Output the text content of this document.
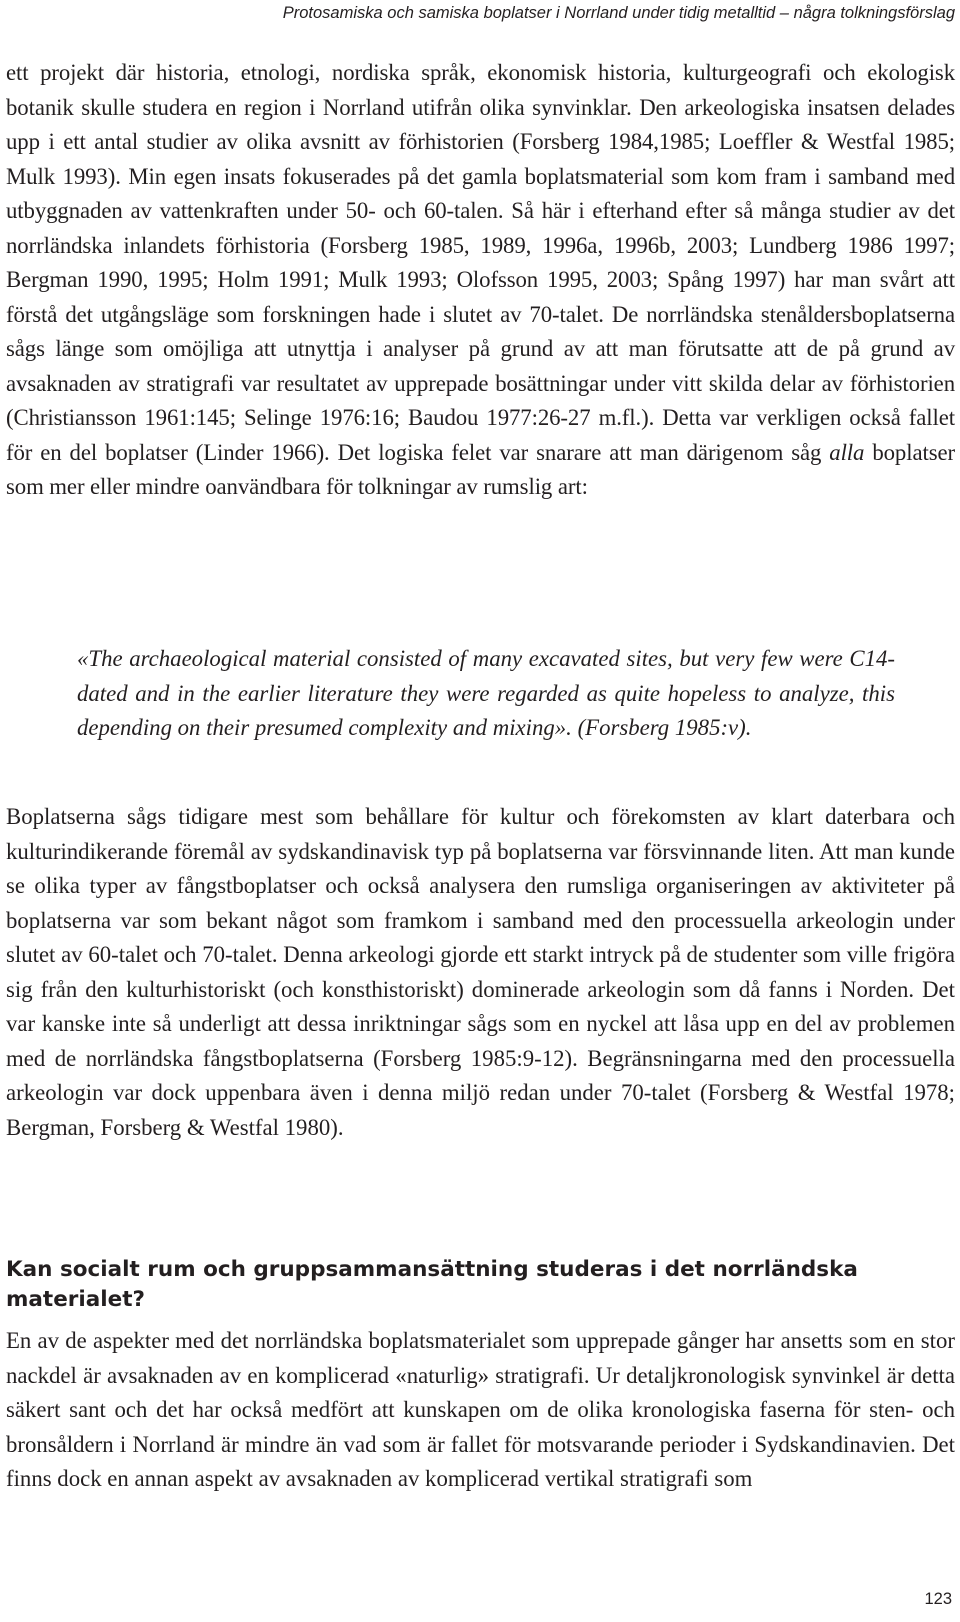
Protosamiska och samiska boplatser i Norrland under tidig metalltid – några tolkningsförslag

ett projekt där historia, etnologi, nordiska språk, ekonomisk historia, kulturgeografi och ekologisk botanik skulle studera en region i Norrland utifrån olika synvinklar. Den arkeologiska insatsen delades upp i ett antal studier av olika avsnitt av förhistorien (Forsberg 1984,1985; Loeffler & Westfal 1985; Mulk 1993). Min egen insats fokuserades på det gamla boplatsmaterial som kom fram i samband med utbyggnaden av vattenkraften under 50- och 60-talen. Så här i efterhand efter så många studier av det norrländska inlandets förhistoria (Forsberg 1985, 1989, 1996a, 1996b, 2003; Lundberg 1986 1997; Bergman 1990, 1995; Holm 1991; Mulk 1993; Olofsson 1995, 2003; Spång 1997) har man svårt att förstå det utgångsläge som forskningen hade i slutet av 70-talet. De norrländska stenåldersboplatserna sågs länge som omöjliga att utnyttja i analyser på grund av att man förutsatte att de på grund av avsaknaden av stratigrafi var resultatet av upprepade bosättningar under vitt skilda delar av förhistorien (Christiansson 1961:145; Selinge 1976:16; Baudou 1977:26-27 m.fl.). Detta var verkligen också fallet för en del boplatser (Linder 1966). Det logiska felet var snarare att man därigenom såg alla boplatser som mer eller mindre oanvändbara för tolkningar av rumslig art:

«The archaeological material consisted of many excavated sites, but very few were C14-dated and in the earlier literature they were regarded as quite hopeless to analyze, this depending on their presumed complexity and mixing». (Forsberg 1985:v).

Boplatserna sågs tidigare mest som behållare för kultur och förekomsten av klart daterbara och kulturindikerande föremål av sydskandinavisk typ på boplatserna var försvinnande liten. Att man kunde se olika typer av fångstboplatser och också analysera den rumsliga organiseringen av aktiviteter på boplatserna var som bekant något som framkom i samband med den processuella arkeologin under slutet av 60-talet och 70-talet. Denna arkeologi gjorde ett starkt intryck på de studenter som ville frigöra sig från den kulturhistoriskt (och konsthistoriskt) dominerade arkeologin som då fanns i Norden. Det var kanske inte så underligt att dessa inriktningar sågs som en nyckel att låsa upp en del av problemen med de norrländska fångstboplatserna (Forsberg 1985:9-12). Begränsningarna med den processuella arkeologin var dock uppenbara även i denna miljö redan under 70-talet (Forsberg & Westfal 1978; Bergman, Forsberg & Westfal 1980).

Kan socialt rum och gruppsammansättning studeras i det norrländska materialet?

En av de aspekter med det norrländska boplatsmaterialet som upprepade gånger har ansetts som en stor nackdel är avsaknaden av en komplicerad «naturlig» stratigrafi. Ur detaljkronologisk synvinkel är detta säkert sant och det har också medfört att kunskapen om de olika kronologiska faserna för sten- och bronsåldern i Norrland är mindre än vad som är fallet för motsvarande perioder i Sydskandinavien. Det finns dock en annan aspekt av avsaknaden av komplicerad vertikal stratigrafi som

123
